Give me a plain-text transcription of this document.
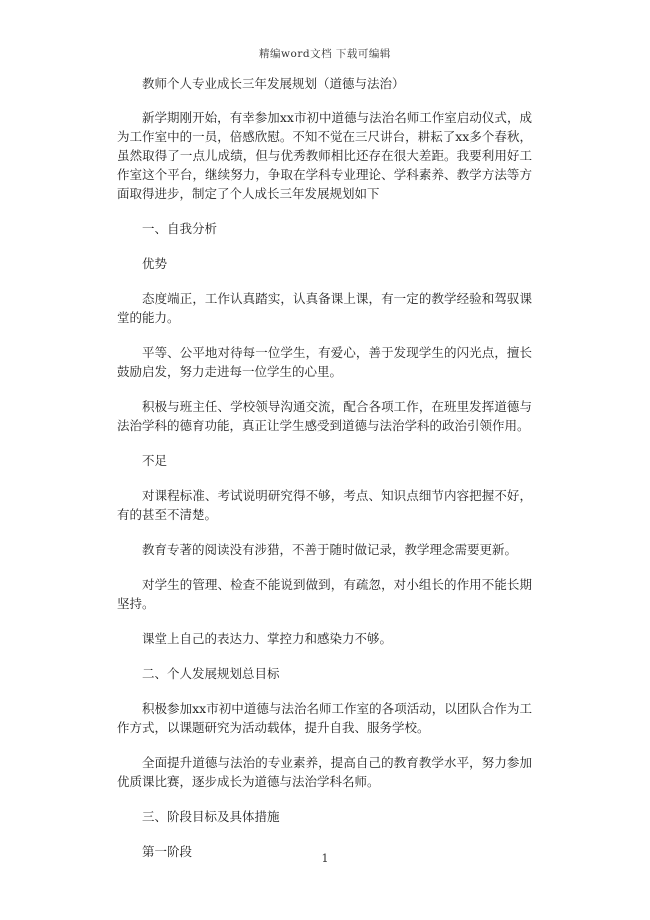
精编word文档 下载可编辑

教师个人专业成长三年发展规划（道德与法治）

新学期刚开始，有幸参加xx市初中道德与法治名师工作室启动仪式，成为工作室中的一员，倍感欣慰。不知不觉在三尺讲台，耕耘了xx多个春秋，虽然取得了一点儿成绩，但与优秀教师相比还存在很大差距。我要利用好工作室这个平台，继续努力，争取在学科专业理论、学科素养、教学方法等方面取得进步，制定了个人成长三年发展规划如下

一、自我分析

优势

态度端正，工作认真踏实，认真备课上课，有一定的教学经验和驾驭课堂的能力。

平等、公平地对待每一位学生，有爱心，善于发现学生的闪光点，擅长鼓励启发，努力走进每一位学生的心里。

积极与班主任、学校领导沟通交流，配合各项工作，在班里发挥道德与法治学科的德育功能，真正让学生感受到道德与法治学科的政治引领作用。

不足

对课程标准、考试说明研究得不够，考点、知识点细节内容把握不好，有的甚至不清楚。

教育专著的阅读没有涉猎，不善于随时做记录，教学理念需要更新。

对学生的管理、检查不能说到做到，有疏忽，对小组长的作用不能长期坚持。

课堂上自己的表达力、掌控力和感染力不够。

二、个人发展规划总目标

积极参加xx市初中道德与法治名师工作室的各项活动，以团队合作为工作方式，以课题研究为活动载体，提升自我、服务学校。

全面提升道德与法治的专业素养，提高自己的教育教学水平，努力参加优质课比赛，逐步成长为道德与法治学科名师。

三、阶段目标及具体措施

第一阶段	1
